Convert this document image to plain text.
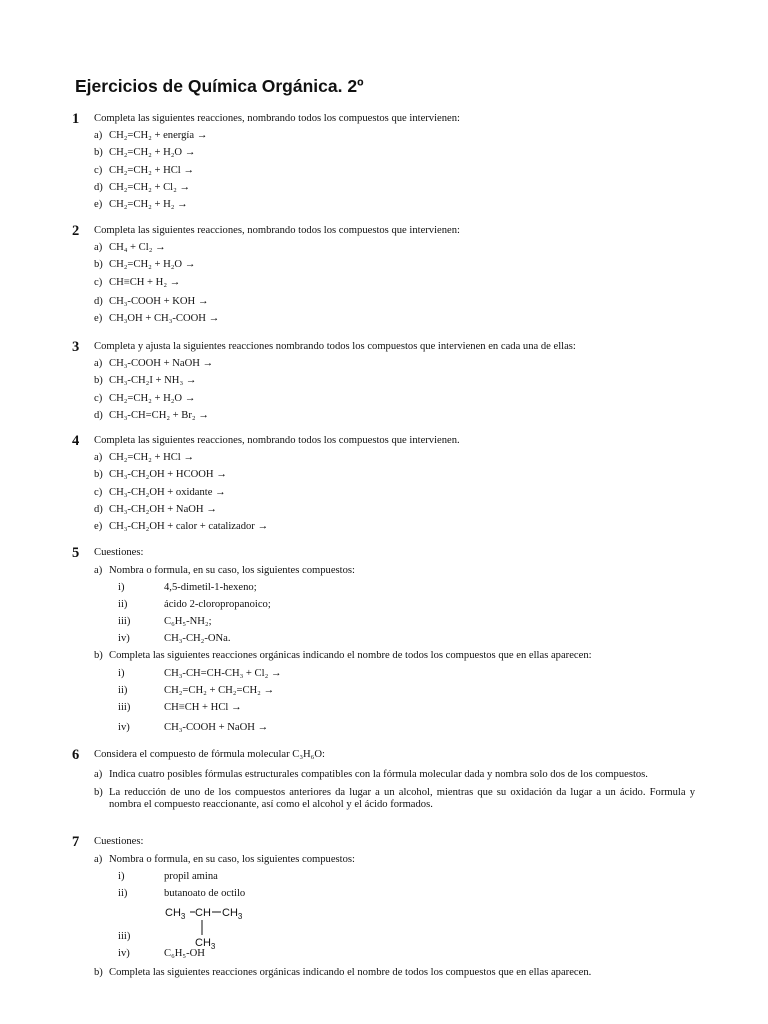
Ejercicios de Química Orgánica. 2º
1 Completa las siguientes reacciones, nombrando todos los compuestos que intervienen:
a) CH₂=CH₂ + energía →
b) CH₂=CH₂ + H₂O →
c) CH₂=CH₂ + HCl →
d) CH₂=CH₂ + Cl₂ →
e) CH₂=CH₂ + H₂ →
2 Completa las siguientes reacciones, nombrando todos los compuestos que intervienen:
a) CH₄ + Cl₂ →
b) CH₂=CH₂ + H₂O →
c) CH≡CH + H₂ →
d) CH₃-COOH + KOH →
e) CH₃OH + CH₃-COOH →
3 Completa y ajusta la siguientes reacciones nombrando todos los compuestos que intervienen en cada una de ellas:
a) CH₃-COOH + NaOH →
b) CH₃-CH₂I + NH₃ →
c) CH₂=CH₂ + H₂O →
d) CH₃-CH=CH₂ + Br₂ →
4 Completa las siguientes reacciones, nombrando todos los compuestos que intervienen.
a) CH₂=CH₂ + HCl →
b) CH₃-CH₂OH + HCOOH →
c) CH₃-CH₂OH + oxidante →
d) CH₃-CH₂OH + NaOH →
e) CH₃-CH₂OH + calor + catalizador →
5 Cuestiones:
a) Nombra o formula, en su caso, los siguientes compuestos:
i)	4,5-dimetil-1-hexeno;
ii)	ácido 2-cloropropanoico;
iii)	C₆H₅-NH₂;
iv)	CH₃-CH₂-ONa.
b) Completa las siguientes reacciones orgánicas indicando el nombre de todos los compuestos que en ellas aparecen:
i)	CH₃-CH=CH-CH₃ + Cl₂ →
ii)	CH₂=CH₂ + CH₂=CH₂ →
iii)	CH≡CH + HCl →
iv)	CH₃-COOH + NaOH →
6 Considera el compuesto de fórmula molecular C₃H₆O:
a) Indica cuatro posibles fórmulas estructurales compatibles con la fórmula molecular dada y nombra solo dos de los compuestos.
b) La reducción de uno de los compuestos anteriores da lugar a un alcohol, mientras que su oxidación da lugar a un ácido. Formula y nombra el compuesto reaccionante, así como el alcohol y el ácido formados.
7 Cuestiones:
a) Nombra o formula, en su caso, los siguientes compuestos:
i)	propil amina
ii)	butanoato de octilo
iii)
iv)	C₆H₅-OH
b) Completa las siguientes reacciones orgánicas indicando el nombre de todos los compuestos que en ellas aparecen.
$CH_3$ CH $CH_3$
$CH_3$
